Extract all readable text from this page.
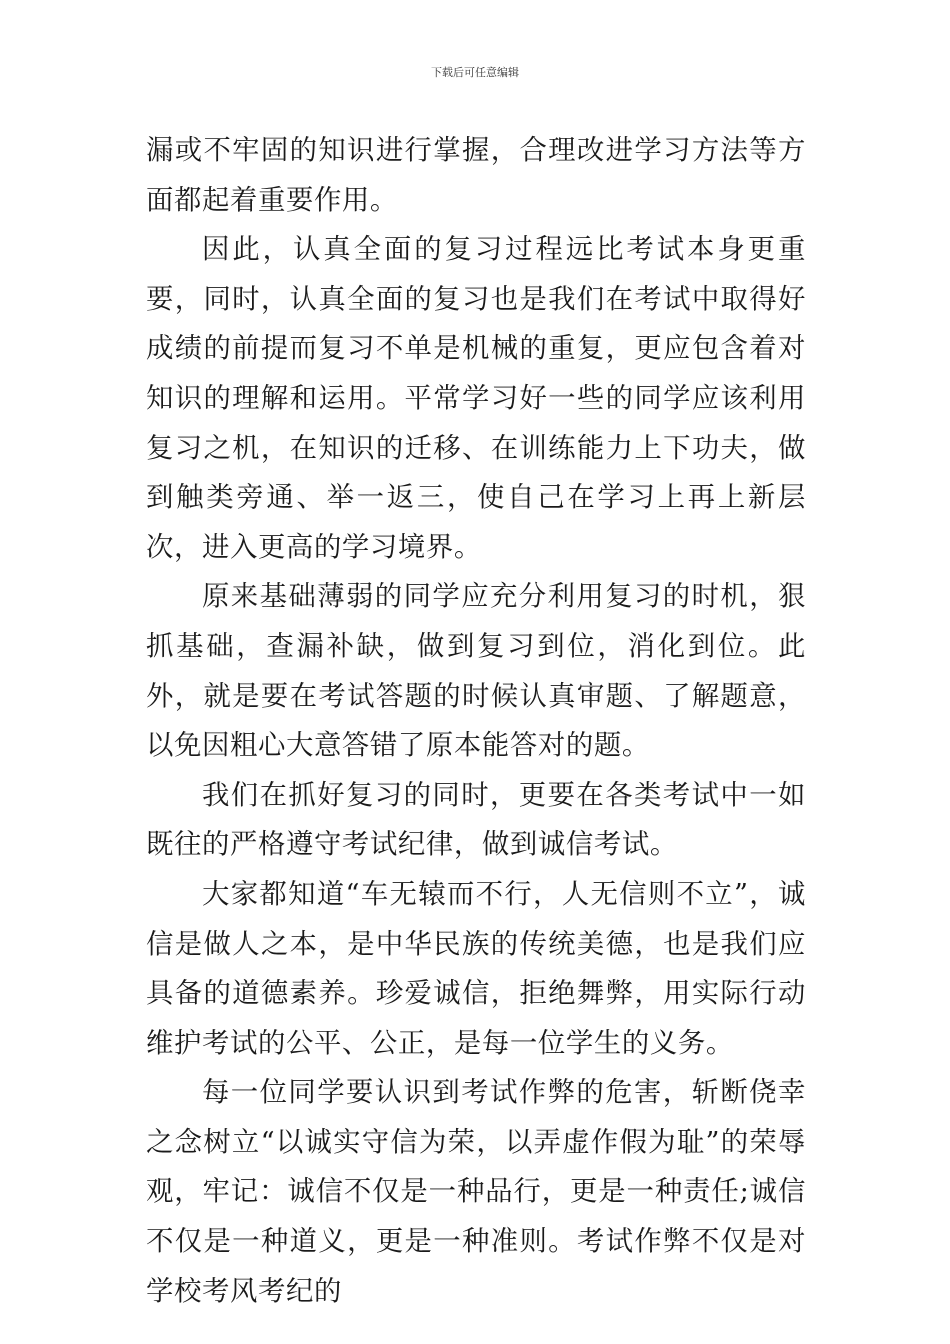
下载后可任意编辑

漏或不牢固的知识进行掌握，合理改进学习方法等方面都起着重要作用。

因此，认真全面的复习过程远比考试本身更重要，同时，认真全面的复习也是我们在考试中取得好成绩的前提而复习不单是机械的重复，更应包含着对知识的理解和运用。平常学习好一些的同学应该利用复习之机，在知识的迁移、在训练能力上下功夫，做到触类旁通、举一返三，使自己在学习上再上新层次，进入更高的学习境界。

原来基础薄弱的同学应充分利用复习的时机，狠抓基础，查漏补缺，做到复习到位，消化到位。此外，就是要在考试答题的时候认真审题、了解题意，以免因粗心大意答错了原本能答对的题。

我们在抓好复习的同时，更要在各类考试中一如既往的严格遵守考试纪律，做到诚信考试。

大家都知道“车无辕而不行，人无信则不立”，诚信是做人之本，是中华民族的传统美德，也是我们应具备的道德素养。珍爱诚信，拒绝舞弊，用实际行动维护考试的公平、公正，是每一位学生的义务。

每一位同学要认识到考试作弊的危害，斩断侥幸之念树立“以诚实守信为荣，以弄虚作假为耻”的荣辱观，牢记：诚信不仅是一种品行，更是一种责任;诚信不仅是一种道义，更是一种准则。考试作弊不仅是对学校考风考纪的
